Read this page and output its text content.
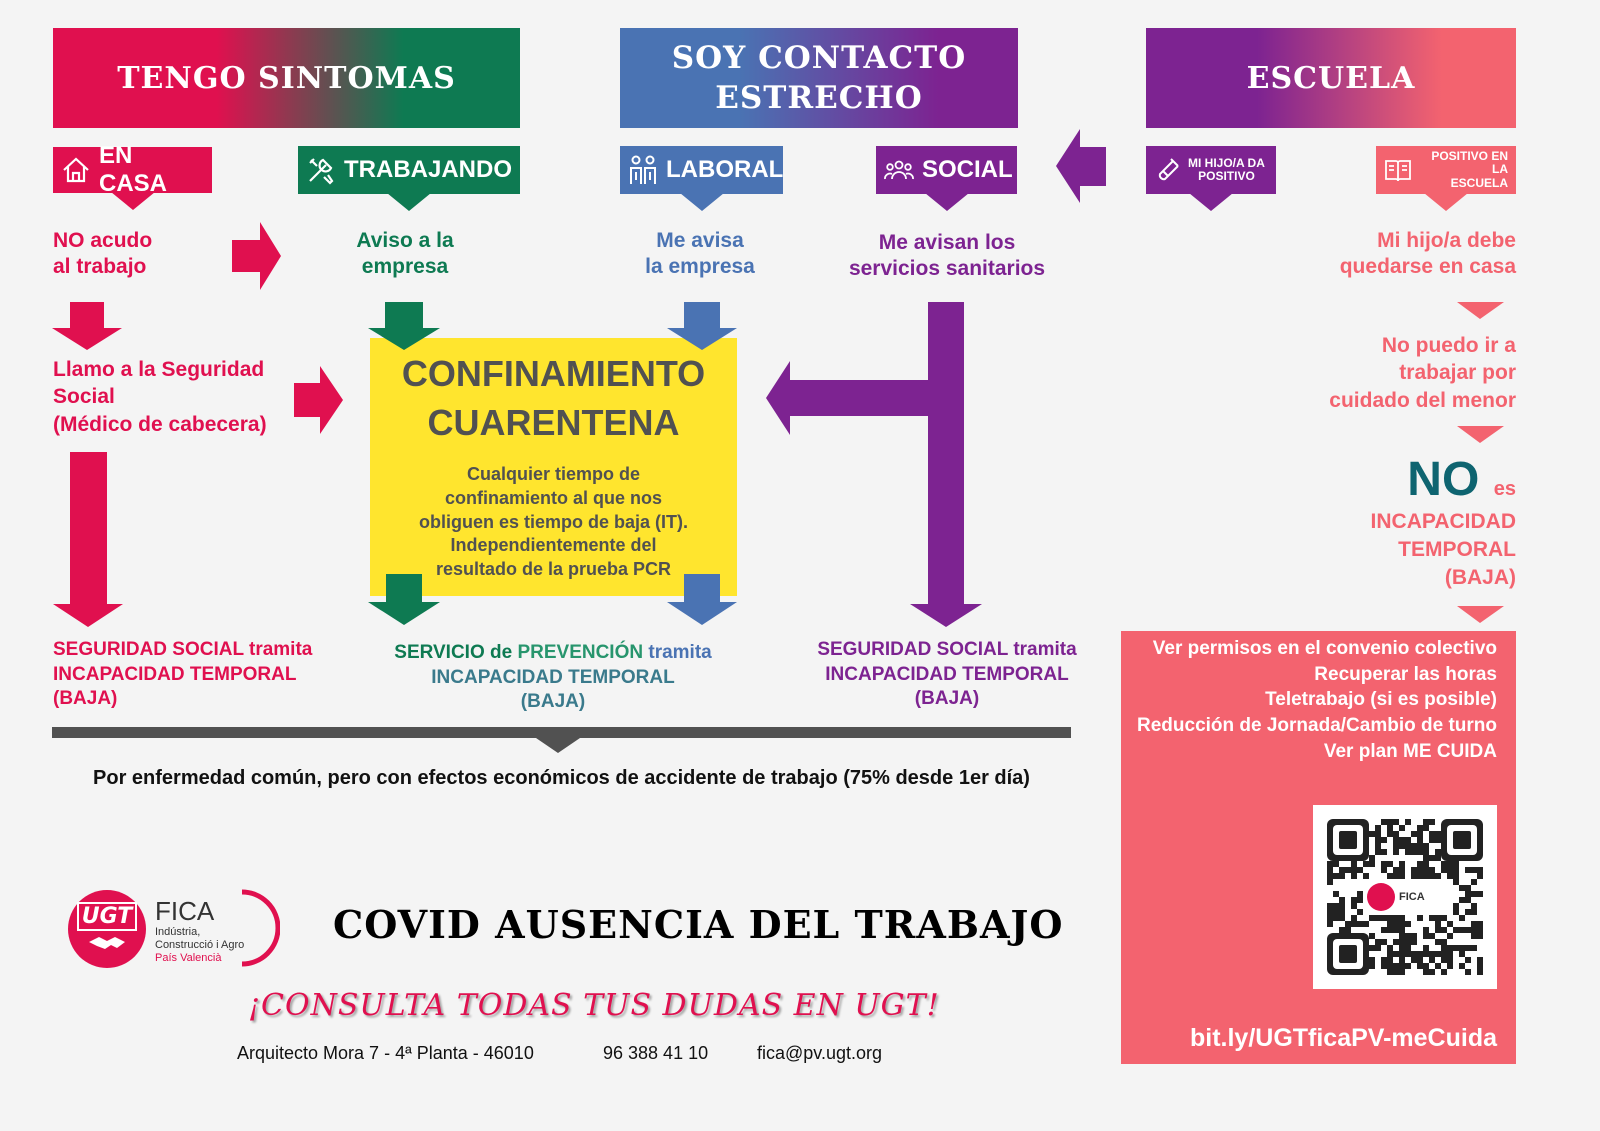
TENGO SINTOMAS
SOY CONTACTO
ESTRECHO
ESCUELA
EN CASA
TRABAJANDO	LABORAL	SOCIAL	MI HIJO/A DA
POSITIVO
POSITIVO EN LA
ESCUELA
NO acudo
al trabajo
Aviso a la
empresa
Me avisa
la empresa
Me avisan los
servicios sanitarios
Mi hijo/a debe
quedarse en casa
Llamo a la Seguridad
Social
(Médico de cabecera)
No puedo ir a
trabajar por
cuidado del menor
NO es
INCAPACIDAD
TEMPORAL
(BAJA)
CONFINAMIENTO
CUARENTENA
Cualquier tiempo de
confinamiento al que nos
obliguen es tiempo de baja (IT).
Independientemente del
resultado de la prueba PCR
SEGURIDAD SOCIAL tramita
INCAPACIDAD TEMPORAL
(BAJA)
SERVICIO de PREVENCIÓN tramita
INCAPACIDAD TEMPORAL
(BAJA)
SEGURIDAD SOCIAL tramita
INCAPACIDAD TEMPORAL
(BAJA)
Por enfermedad común, pero con efectos económicos de accidente de trabajo (75% desde 1er día)
Ver permisos en el convenio colectivo
Recuperar las horas
Teletrabajo (si es posible)
Reducción de Jornada/Cambio de turno
Ver plan ME CUIDA
FICA
bit.ly/UGTficaPV-meCuida
UGT FICA
Indústria,
Construcció i Agro
País Valencià
COVID AUSENCIA DEL TRABAJO
¡CONSULTA TODAS TUS DUDAS EN UGT!
Arquitecto Mora 7 - 4ª Planta - 46010	96 388 41 10	fica@pv.ugt.org
